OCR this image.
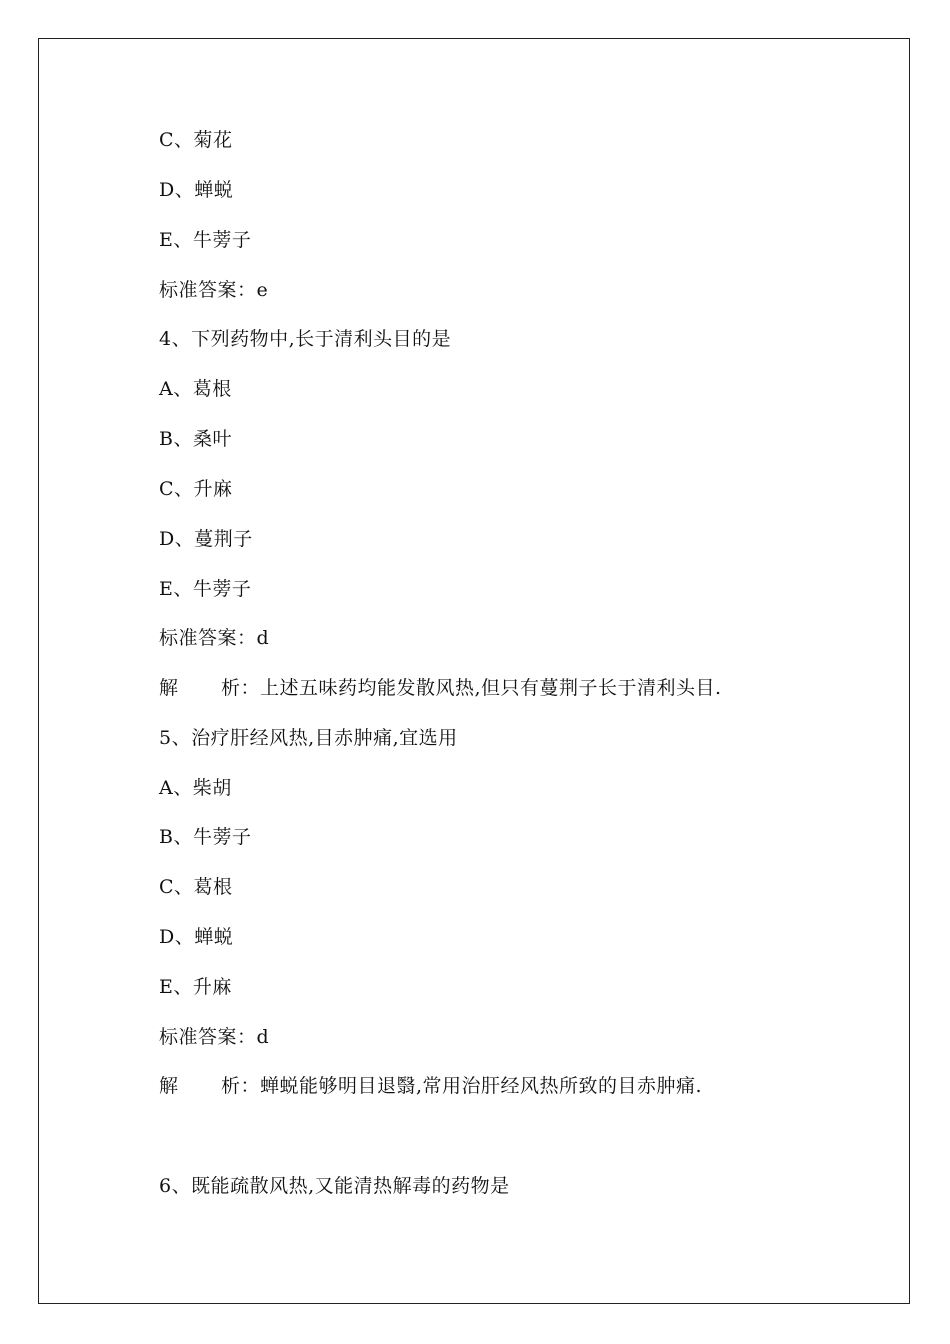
C、菊花
D、蝉蜕
E、牛蒡子
标准答案：e
4、下列药物中,长于清利头目的是
A、葛根
B、桑叶
C、升麻
D、蔓荆子
E、牛蒡子
标准答案：d
解 析：上述五味药均能发散风热,但只有蔓荆子长于清利头目.
5、治疗肝经风热,目赤肿痛,宜选用
A、柴胡
B、牛蒡子
C、葛根
D、蝉蜕
E、升麻
标准答案：d
解 析：蝉蜕能够明目退翳,常用治肝经风热所致的目赤肿痛.
6、既能疏散风热,又能清热解毒的药物是
